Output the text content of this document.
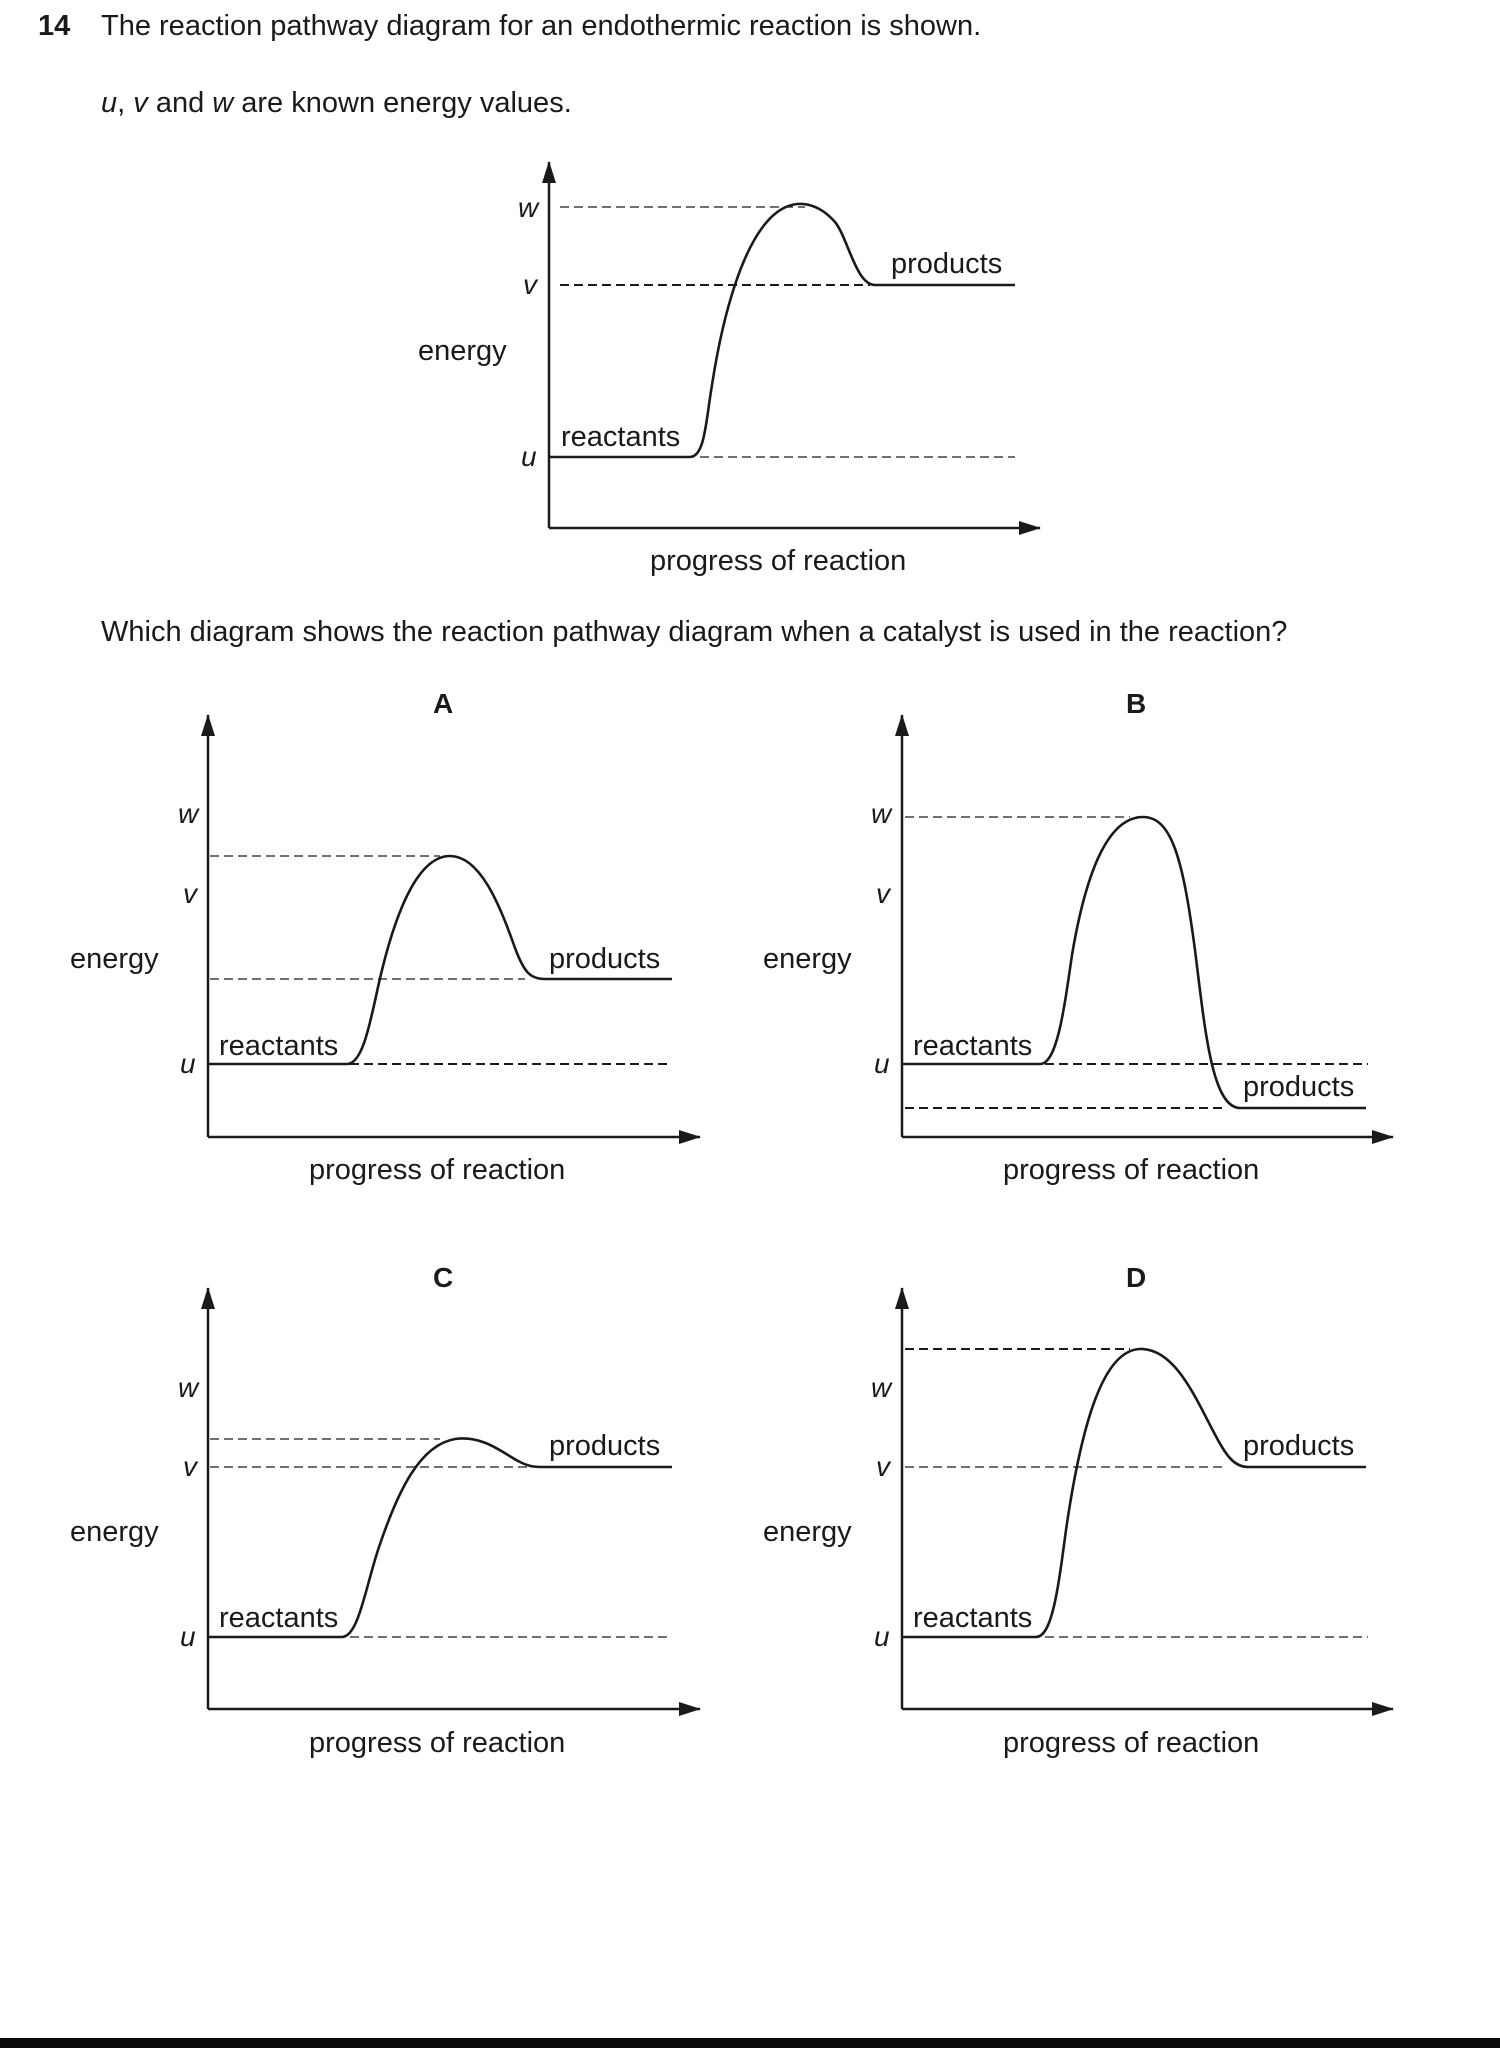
14 The reaction pathway diagram for an endothermic reaction is shown.
u, v and w are known energy values.
Which diagram shows the reaction pathway diagram when a catalyst is used in the reaction?
w
v
u
energy
reactants
products
progress of reaction
A
w
v
u
energy
reactants
products
progress of reaction
B
w
v
u
energy
reactants
products
progress of reaction
C
w
v
u
energy
reactants
products
progress of reaction
D
w
v
u
energy
reactants
products
progress of reaction
